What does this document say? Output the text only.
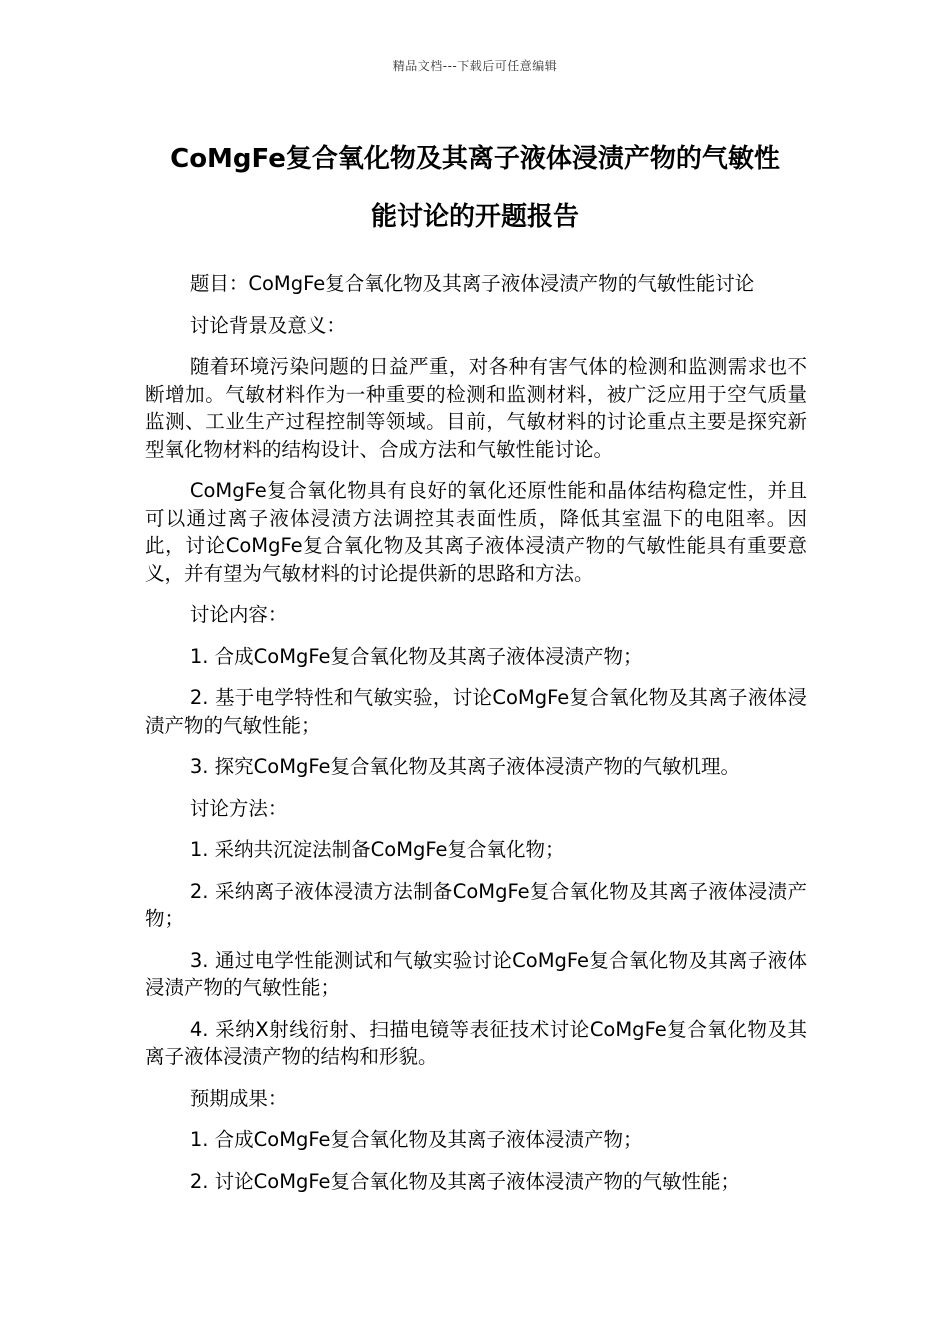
精品文档---下载后可任意编辑
CoMgFe复合氧化物及其离子液体浸渍产物的气敏性
能讨论的开题报告

题目：CoMgFe复合氧化物及其离子液体浸渍产物的气敏性能讨论

讨论背景及意义：

随着环境污染问题的日益严重，对各种有害气体的检测和监测需求也不断增加。气敏材料作为一种重要的检测和监测材料，被广泛应用于空气质量监测、工业生产过程控制等领域。目前，气敏材料的讨论重点主要是探究新型氧化物材料的结构设计、合成方法和气敏性能讨论。

CoMgFe复合氧化物具有良好的氧化还原性能和晶体结构稳定性，并且可以通过离子液体浸渍方法调控其表面性质，降低其室温下的电阻率。因此，讨论CoMgFe复合氧化物及其离子液体浸渍产物的气敏性能具有重要意义，并有望为气敏材料的讨论提供新的思路和方法。

讨论内容：

1. 合成CoMgFe复合氧化物及其离子液体浸渍产物；

2. 基于电学特性和气敏实验，讨论CoMgFe复合氧化物及其离子液体浸渍产物的气敏性能；

3. 探究CoMgFe复合氧化物及其离子液体浸渍产物的气敏机理。

讨论方法：

1. 采纳共沉淀法制备CoMgFe复合氧化物；

2. 采纳离子液体浸渍方法制备CoMgFe复合氧化物及其离子液体浸渍产物；

3. 通过电学性能测试和气敏实验讨论CoMgFe复合氧化物及其离子液体浸渍产物的气敏性能；

4. 采纳X射线衍射、扫描电镜等表征技术讨论CoMgFe复合氧化物及其离子液体浸渍产物的结构和形貌。

预期成果：

1. 合成CoMgFe复合氧化物及其离子液体浸渍产物；

2. 讨论CoMgFe复合氧化物及其离子液体浸渍产物的气敏性能；
